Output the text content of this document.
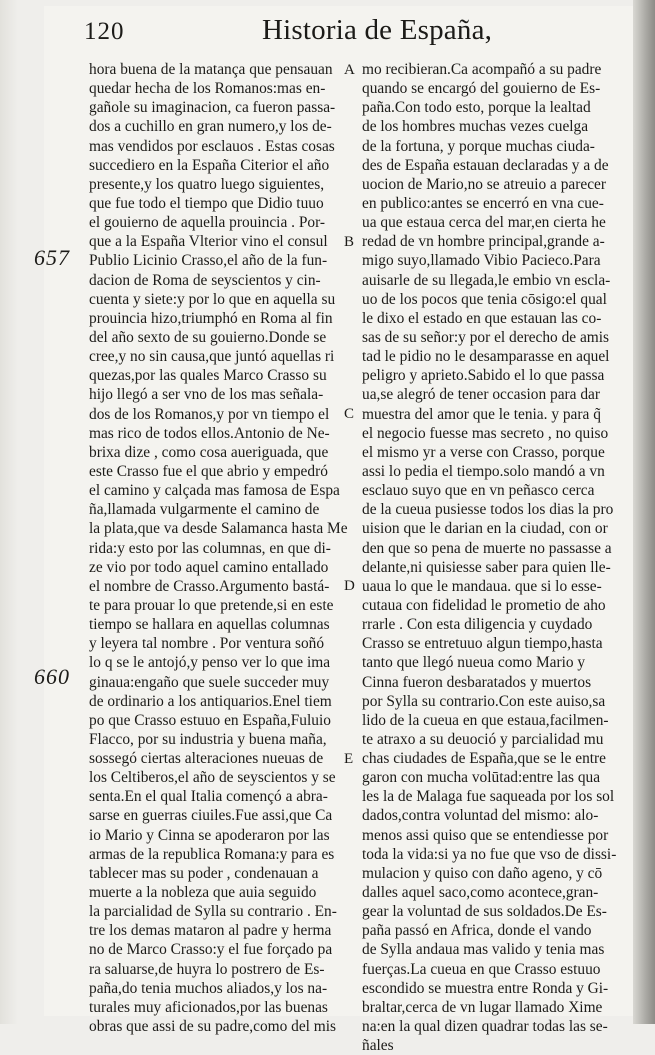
120	Historia de España,
657
660
A
B
C
D
E
hora buena de la matança que pensauan
quedar hecha de los Romanos:mas en-
gañole su imaginacion, ca fueron passa-
dos a cuchillo en gran numero,y los de-
mas vendidos por esclauos . Estas cosas
succediero en la España Citerior el año
presente,y los quatro luego siguientes,
que fue todo el tiempo que Didio tuuo
el gouierno de aquella prouincia . Por-
que a la España Vlterior vino el consul
Publio Licinio Crasso,el año de la fun-
dacion de Roma de seyscientos y cin-
cuenta y siete:y por lo que en aquella su
prouincia hizo,triumphó en Roma al fin
del año sexto de su gouierno.Donde se
cree,y no sin causa,que juntó aquellas ri
quezas,por las quales Marco Crasso su
hijo llegó a ser vno de los mas señala-
dos de los Romanos,y por vn tiempo el
mas rico de todos ellos.Antonio de Ne-
brixa dize , como cosa aueriguada, que
este Crasso fue el que abrio y empedró
el camino y calçada mas famosa de Espa
ña,llamada vulgarmente el camino de
la plata,que va desde Salamanca hasta Me
rida:y esto por las columnas, en que di-
ze vio por todo aquel camino entallado
el nombre de Crasso.Argumento bastá-
te para prouar lo que pretende,si en este
tiempo se hallara en aquellas columnas
y leyera tal nombre . Por ventura soñó
lo q se le antojó,y penso ver lo que ima
ginaua:engaño que suele succeder muy
de ordinario a los antiquarios.Enel tiem
po que Crasso estuuo en España,Fuluio
Flacco, por su industria y buena maña,
sossegó ciertas alteraciones nueuas de
los Celtiberos,el año de seyscientos y se
senta.En el qual Italia començó a abra-
sarse en guerras ciuiles.Fue assi,que Ca
io Mario y Cinna se apoderaron por las
armas de la republica Romana:y para es
tablecer mas su poder , condenauan a
muerte a la nobleza que auia seguido
la parcialidad de Sylla su contrario . En-
tre los demas mataron al padre y herma
no de Marco Crasso:y el fue forçado pa
ra saluarse,de huyra lo postrero de Es-
paña,do tenia muchos aliados,y los na-
turales muy aficionados,por las buenas
obras que assi de su padre,como del mis
mo recibieran.Ca acompañó a su padre
quando se encargó del gouierno de Es-
paña.Con todo esto, porque la lealtad
de los hombres muchas vezes cuelga
de la fortuna, y porque muchas ciuda-
des de España estauan declaradas y a de
uocion de Mario,no se atreuio a parecer
en publico:antes se encerró en vna cue-
ua que estaua cerca del mar,en cierta he
redad de vn hombre principal,grande a-
migo suyo,llamado Vibio Pacieco.Para
auisarle de su llegada,le embio vn escla-
uo de los pocos que tenia cōsigo:el qual
le dixo el estado en que estauan las co-
sas de su señor:y por el derecho de amis
tad le pidio no le desamparasse en aquel
peligro y aprieto.Sabido el lo que passa
ua,se alegró de tener occasion para dar
muestra del amor que le tenia. y para q̃
el negocio fuesse mas secreto , no quiso
el mismo yr a verse con Crasso, porque
assi lo pedia el tiempo.solo mandó a vn
esclauo suyo que en vn peñasco cerca
de la cueua pusiesse todos los dias la pro
uision que le darian en la ciudad, con or
den que so pena de muerte no passasse a
delante,ni quisiesse saber para quien lle-
uaua lo que le mandaua. que si lo esse-
cutaua con fidelidad le prometio de aho
rrarle . Con esta diligencia y cuydado
Crasso se entretuuo algun tiempo,hasta
tanto que llegó nueua como Mario y
Cinna fueron desbaratados y muertos
por Sylla su contrario.Con este auiso,sa
lido de la cueua en que estaua,facilmen-
te atraxo a su deuoció y parcialidad mu
chas ciudades de España,que se le entre
garon con mucha volūtad:entre las qua
les la de Malaga fue saqueada por los sol
dados,contra voluntad del mismo: alo-
menos assi quiso que se entendiesse por
toda la vida:si ya no fue que vso de dissi-
mulacion y quiso con daño ageno, y cō
dalles aquel saco,como acontece,gran-
gear la voluntad de sus soldados.De Es-
paña passó en Africa, donde el vando
de Sylla andaua mas valido y tenia mas
fuerças.La cueua en que Crasso estuuo
escondido se muestra entre Ronda y Gi-
braltar,cerca de vn lugar llamado Xime
na:en la qual dizen quadrar todas las se-
ñales
